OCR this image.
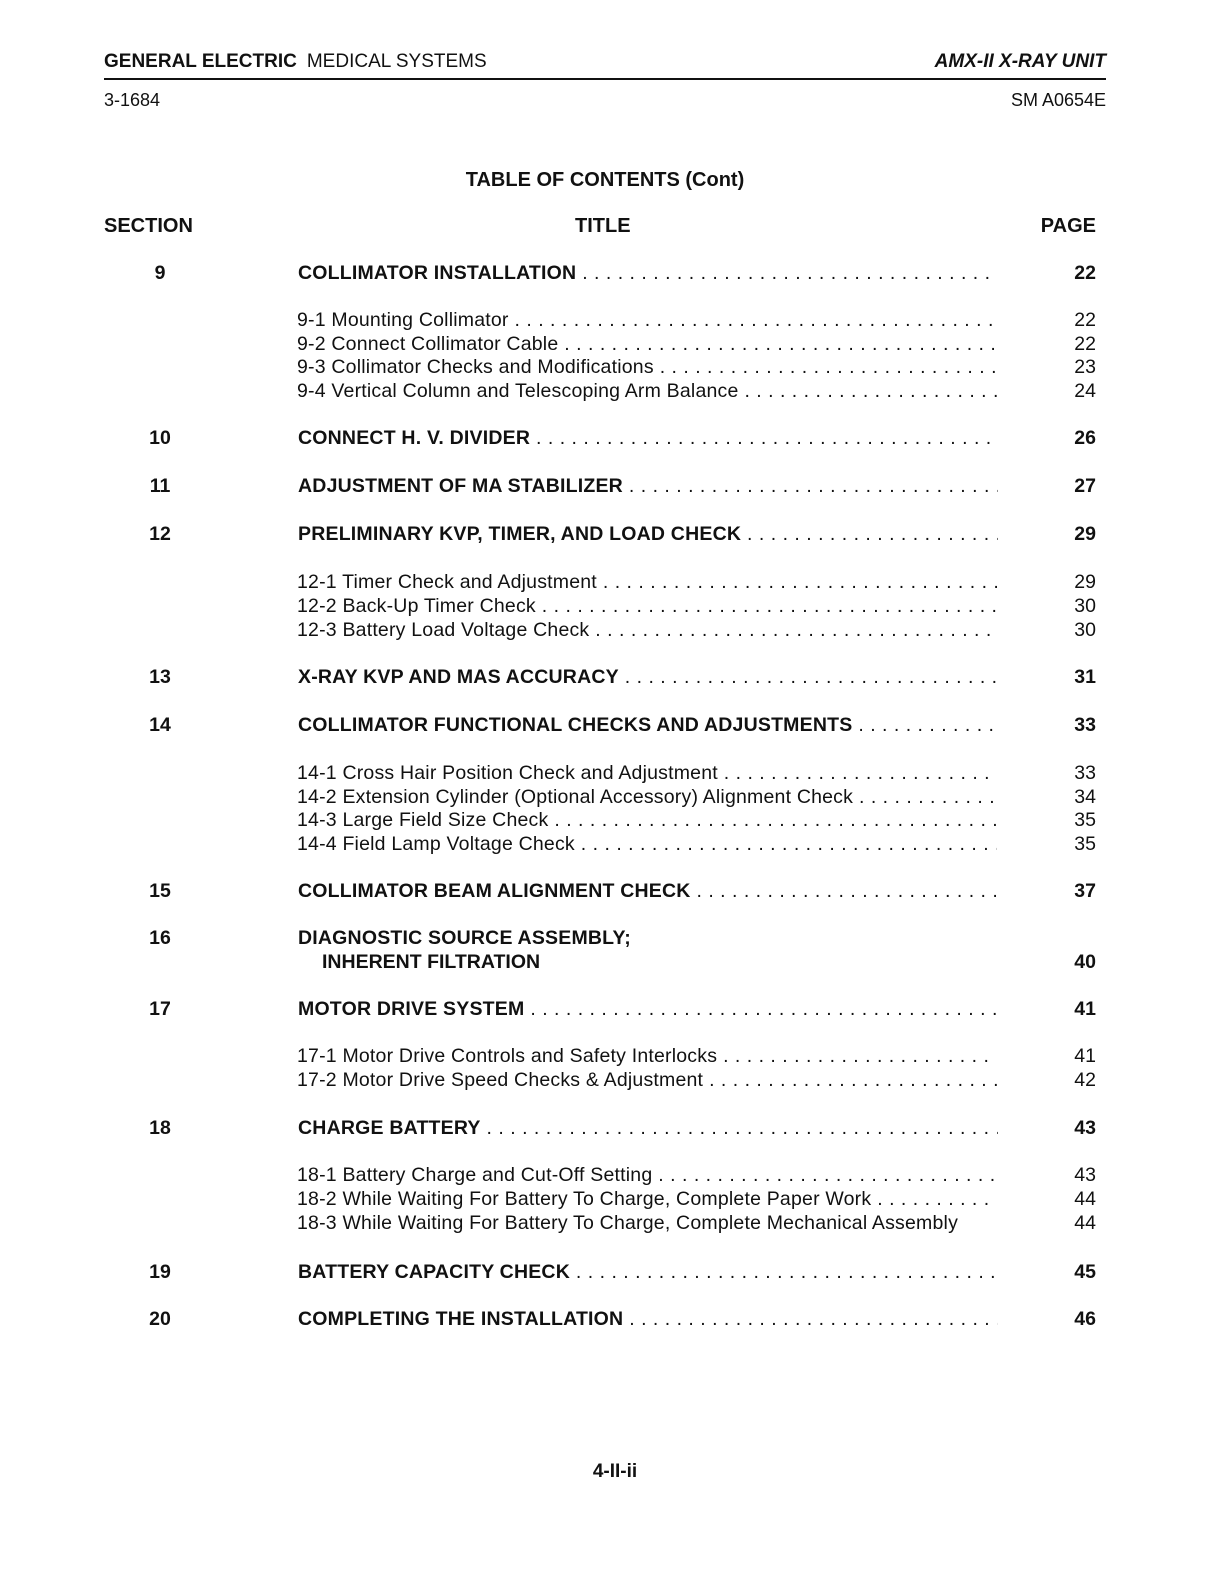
GENERAL ELECTRIC MEDICAL SYSTEMS	AMX-II X-RAY UNIT
3-1684	SM A0654E
TABLE OF CONTENTS (Cont)
SECTION	TITLE	PAGE
9	COLLIMATOR INSTALLATION . . .	22
9-1 Mounting Collimator . . .	22
9-2 Connect Collimator Cable . . .	22
9-3 Collimator Checks and Modifications . . .	23
9-4 Vertical Column and Telescoping Arm Balance . . .	24
10	CONNECT H. V. DIVIDER . . .	26
11	ADJUSTMENT OF MA STABILIZER . . .	27
12	PRELIMINARY KVP, TIMER, AND LOAD CHECK . . .	29
12-1 Timer Check and Adjustment . . .	29
12-2 Back-Up Timer Check . . .	30
12-3 Battery Load Voltage Check . . .	30
13	X-RAY KVP AND MAS ACCURACY . . .	31
14	COLLIMATOR FUNCTIONAL CHECKS AND ADJUSTMENTS . . .	33
14-1 Cross Hair Position Check and Adjustment . . .	33
14-2 Extension Cylinder (Optional Accessory) Alignment Check . . .	34
14-3 Large Field Size Check . . .	35
14-4 Field Lamp Voltage Check . . .	35
15	COLLIMATOR BEAM ALIGNMENT CHECK . . .	37
16	DIAGNOSTIC SOURCE ASSEMBLY;
INHERENT FILTRATION	40
17	MOTOR DRIVE SYSTEM . . .	41
17-1 Motor Drive Controls and Safety Interlocks . . .	41
17-2 Motor Drive Speed Checks & Adjustment . . .	42
18	CHARGE BATTERY . . .	43
18-1 Battery Charge and Cut-Off Setting . . .	43
18-2 While Waiting For Battery To Charge, Complete Paper Work . . .	44
18-3 While Waiting For Battery To Charge, Complete Mechanical Assembly	44
19	BATTERY CAPACITY CHECK . . .	45
20	COMPLETING THE INSTALLATION . . .	46
4-II-ii
